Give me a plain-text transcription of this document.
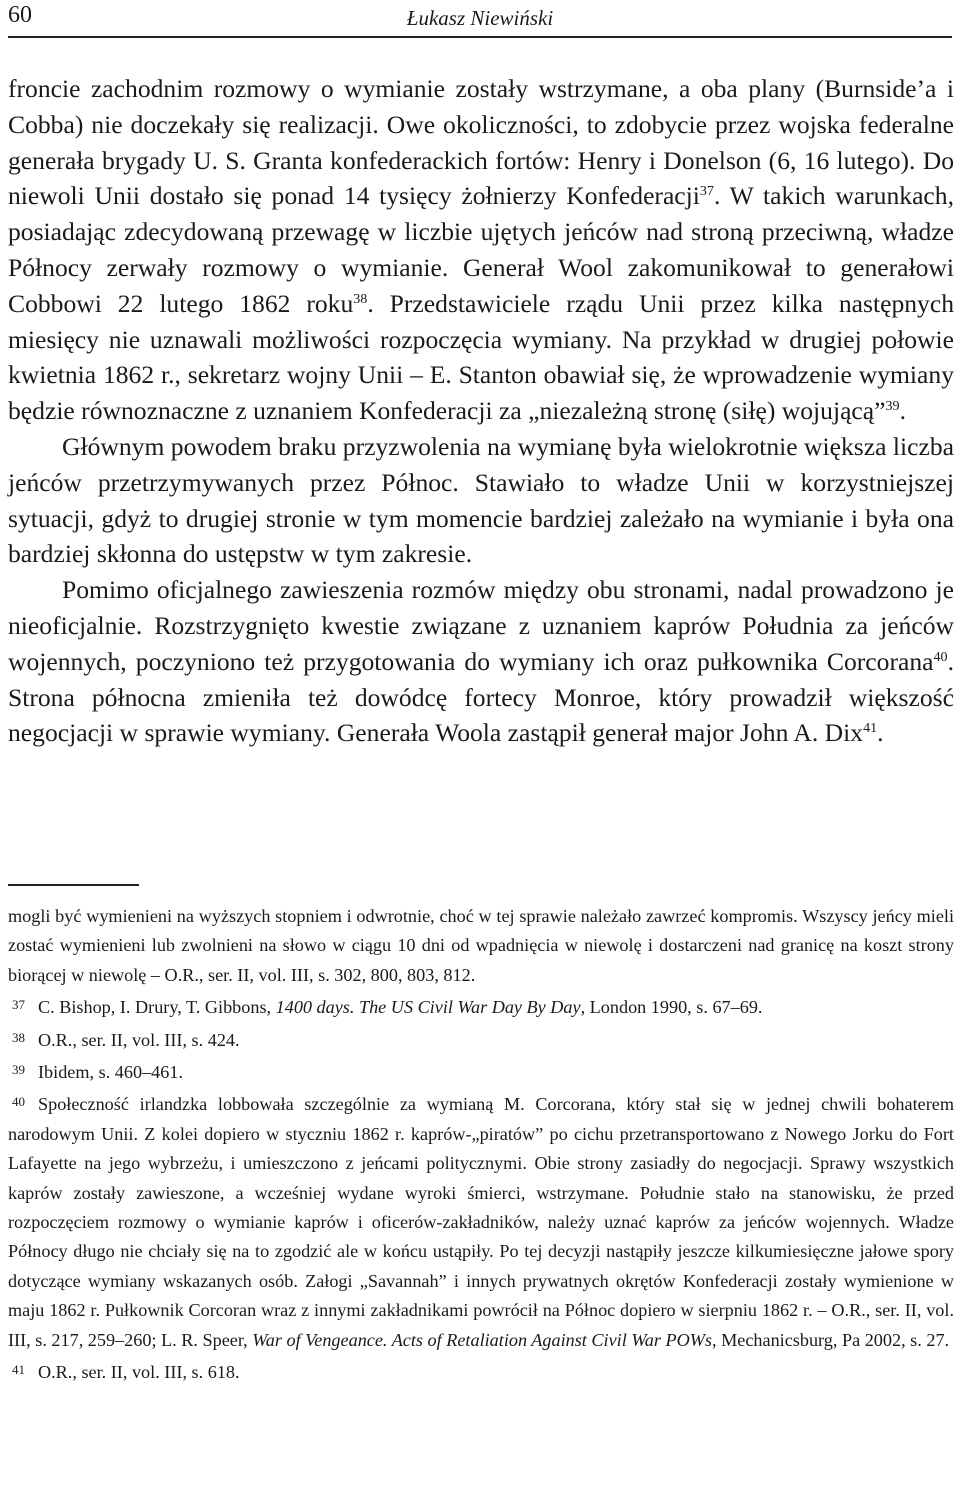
60	Łukasz Niewiński

froncie zachodnim rozmowy o wymianie zostały wstrzymane, a oba plany (Burnside’a i Cobba) nie doczekały się realizacji. Owe okoliczności, to zdobycie przez wojska federalne generała brygady U. S. Granta konfederackich fortów: Henry i Donelson (6, 16 lutego). Do niewoli Unii dostało się ponad 14 tysięcy żołnierzy Konfederacji$^{37}$. W takich warunkach, posiadając zdecydowaną przewagę w liczbie ujętych jeńców nad stroną przeciwną, władze Północy zerwały rozmowy o wymianie. Generał Wool zakomunikował to generałowi Cobbowi 22 lutego 1862 roku$^{38}$. Przedstawiciele rządu Unii przez kilka następnych miesięcy nie uznawali możliwości rozpoczęcia wymiany. Na przykład w drugiej połowie kwietnia 1862 r., sekretarz wojny Unii – E. Stanton obawiał się, że wprowadzenie wymiany będzie równoznaczne z uznaniem Konfederacji za „niezależną stronę (siłę) wojującą”$^{39}$.

Głównym powodem braku przyzwolenia na wymianę była wielokrotnie większa liczba jeńców przetrzymywanych przez Północ. Stawiało to władze Unii w korzystniejszej sytuacji, gdyż to drugiej stronie w tym momencie bardziej zależało na wymianie i była ona bardziej skłonna do ustępstw w tym zakresie.

Pomimo oficjalnego zawieszenia rozmów między obu stronami, nadal prowadzono je nieoficjalnie. Rozstrzygnięto kwestie związane z uznaniem kaprów Południa za jeńców wojennych, poczyniono też przygotowania do wymiany ich oraz pułkownika Corcorana$^{40}$. Strona północna zmieniła też dowódcę fortecy Monroe, który prowadził większość negocjacji w sprawie wymiany. Generała Woola zastąpił generał major John A. Dix$^{41}$.

mogli być wymienieni na wyższych stopniem i odwrotnie, choć w tej sprawie należało zawrzeć kompromis. Wszyscy jeńcy mieli zostać wymienieni lub zwolnieni na słowo w ciągu 10 dni od wpadnięcia w niewolę i dostarczeni nad granicę na koszt strony biorącej w niewolę – O.R., ser. II, vol. III, s. 302, 800, 803, 812.

37 C. Bishop, I. Drury, T. Gibbons, 1400 days. The US Civil War Day By Day, London 1990, s. 67–69.

38 O.R., ser. II, vol. III, s. 424.

39 Ibidem, s. 460–461.

40 Społeczność irlandzka lobbowała szczególnie za wymianą M. Corcorana, który stał się w jednej chwili bohaterem narodowym Unii. Z kolei dopiero w styczniu 1862 r. kaprów-„piratów” po cichu przetransportowano z Nowego Jorku do Fort Lafayette na jego wybrzeżu, i umieszczono z jeńcami politycznymi. Obie strony zasiadły do negocjacji. Sprawy wszystkich kaprów zostały zawieszone, a wcześniej wydane wyroki śmierci, wstrzymane. Południe stało na stanowisku, że przed rozpoczęciem rozmowy o wymianie kaprów i oficerów-zakładników, należy uznać kaprów za jeńców wojennych. Władze Północy długo nie chciały się na to zgodzić ale w końcu ustąpiły. Po tej decyzji nastąpiły jeszcze kilkumiesięczne jałowe spory dotyczące wymiany wskazanych osób. Załogi „Savannah” i innych prywatnych okrętów Konfederacji zostały wymienione w maju 1862 r. Pułkownik Corcoran wraz z innymi zakładnikami powrócił na Północ dopiero w sierpniu 1862 r. – O.R., ser. II, vol. III, s. 217, 259–260; L. R. Speer, War of Vengeance. Acts of Retaliation Against Civil War POWs, Mechanicsburg, Pa 2002, s. 27.

41 O.R., ser. II, vol. III, s. 618.
